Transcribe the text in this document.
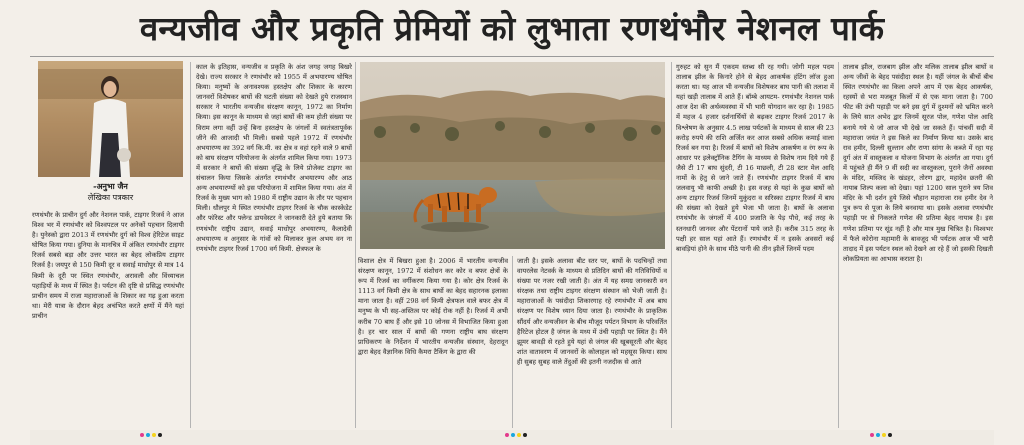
वन्यजीव और प्रकृति प्रेमियों को लुभाता रणथंभौर नेशनल पार्क
-अनुभा जैन
लेखिका पत्रकार

रणथंभौर के प्राचीन दुर्ग और नेशनल पार्क, टाइगर रिजर्व ने आज विश्व भर में रणथंभौर को विश्वपटल पर अनेकों पहचान दिलायी है। युनेस्को द्वारा 2013 में रणथंभौर दुर्ग को विश्व हेरिटेज साइट घोषित किया गया। दुनिया के मानचित्र में अंकित रणथंभौर टाइगर रिजर्व सबसे बड़ा और उत्तर भारत का बेहद लोकप्रिय टाइगर रिजर्व है। जयपुर से 150 किमी दूर व सवाई माधोपुर से मात्र 14 किमी के दूरी पर स्थित रणथंभौर, अरावली और विंध्याचल पहाड़ियों के मध्य में स्थित है। पर्यटन की दृष्टि से प्रसिद्ध रणथंभौर प्राचीन समय में राजा महाराजाओं के शिकार का गढ़ हुआ करता था। मेरी यात्रा के दौरान बेहद अचंभित करते क्षणों में मैंने यहां प्राचीन

काल के इतिहास, वन्यजीव व प्रकृति के अंश जगह जगह बिखरे देखे। राज्य सरकार ने रणथंभौर को 1955 में अभयारण्य घोषित किया। मनुष्यों के अनावश्यक हस्तक्षेप और शिकार के कारण जानवरों विशेषकर बाघों की घटती संख्या को देखते हुये राजस्थान सरकार ने भारतीय वन्यजीव संरक्षण कानून, 1972 का निर्माण किया। इस कानून के माध्यम से जहां बाघों की कम होती संख्या पर विराम लगा वहीं उन्हें बिना हस्तक्षेप के जंगलों में स्वतंत्रतापूर्वक जीने की आजादी भी मिली। सबसे पहले 1972 में रणथंभौर अभयारण्य का 392 वर्ग कि.मी. का क्षेत्र व वहां रहने वाले 9 बाघों को बाघ संरक्षण परियोजना के अंतर्गत शामिल किया गया। 1973 में सरकार ने बाघों की संख्या वृद्धि के लिये प्रोजेक्ट टाइगर का संचालन किया जिसके अंतर्गत रणथंभौर अभयारण्य और आठ अन्य अभयारण्यों को इस परियोजना में शामिल किया गया। अंत में रिजर्व के मुख्य भाग को 1980 में राष्ट्रीय उद्यान के तौर पर पहचान मिली। धौलपुर मे स्थित रणथंभौर टाइगर रिजर्व के चौक कास्केडेट और फॉरेस्ट और फ्लेन्ड डायवेस्टर ने जानकारी देते हुये बताया कि रणथंभौर राष्ट्रीय उद्यान, सवाई माधोपुर अभयारण्य, कैलादेवी अभयारण्य व अनुसार के गांवों को मिलाकर कुल अभय वन ना रणथंभौर टाइगर रिजर्व 1700 वर्ग किमी. क्षेत्रफल के

विशाल क्षेत्र में बिखरा हुआ है। 2006 में भारतीय वन्यजीव संरक्षण कानून, 1972 में संशोधन कर कोर व बफर क्षेत्रों के रूप में रिजर्व का वर्गीकरण किया गया है। कोर क्षेत्र रिजर्व के 1113 वर्ग किमी क्षेत्र के साथ बाघों का बेहद सहारनक इलाका माना जाता है। वहीं 298 वर्ग किमी क्षेत्रफल वाले बफर क्षेत्र में मनुष्य के भी सह-अस्तित्व पर कोई रोक नहीं है। रिजर्व में अभी करीब 70 बाघ हैं और इसे 10 जोनस में विभाजित किया हुआ है। हर चार साल में बाघों की गणना राष्ट्रीय बाघ संरक्षण प्राधिकरण के निर्देशन में भारतीय वन्यजीव संस्थान, देहरादून द्वारा बेहद वैज्ञानिक विधि कैमरा टैकिंग के द्वारा की

जाती है। इसके अलावा बीट स्तर पर, बाघों के पदचिन्हों तथा वायरलेस नेटवर्क के माध्यम से प्रतिदिन बाघों की गतिविधियों व संख्या पर नजर रखी जाती है। अंत में यह समग्र जानकारी वन संरक्षक तथा राष्ट्रीय टाइगर संरक्षण संस्थान को भेजी जाती है। महाराजाओं के पसंदीदा शिकारगाह रहे रणथंभौर में अब बाघ संरक्षण पर विशेष ध्यान दिया जाता है। रणथंभौर के प्राकृतिक सौंदर्य और वन्यजीवन के बीच मौजूद पर्यटन विभाग के परिवर्तित हैरिटेज होटल है जंगल के मध्य में उंची पहाड़ी पर स्थित है। मैंने झूमर बावड़ी से रहते हुये यहां से जंगल की खूबसूरती और बेहद शांत वातावरण में जानवरों के कोलाहल को महसूस किया। साथ ही सुबह सुबह वाले तेंदुओं की इतनी नजदीक से आते

गुरुहट को सुन मैं एकदम स्तब्ध सी रह गयी। जोगी महल पदम तालाब झील के किनारे होने से बेहद आकर्षक हंटिंग लॉज हुआ करता था। यह आज भी वन्यजीव विशेषकर बाघ पानी की तलाश में यहां खड़ी तालाब में आते हैं। बॉम्बे आयटम- रणथंभौर नेशनल पार्क आज देश की अर्थव्यवस्था में भी भारी योगदान कर रहा है। 1985 में महज 4 हजार दर्शनार्थियों से बढ़कर टाइगर रिजर्व 2017 के विश्लेषण के अनुसार 4.5 लाख पर्यटकों के माध्यम से साल की 23 करोड़ रुपये की राशि अर्जित कर आज सबसे अधिक कमाई वाला रिजर्व बन गया है। रिजर्व में बाघों को विशेष आकर्षण व रंग रूप के आधार पर इलेक्ट्रॉनिक टैगिंग के माध्यम से विशेष नाम दिये गये हैं जैसे टी 17 बाघ सुंदरी, टी 16 माछली, टी 28 स्टार मेल आदि नामों के हेतु से जाने जाते हैं। रणथंभौर टाइगर रिजर्व में बाघ जलवायु भी काफी अच्छी है। इस वजह से यहां के कुछ बाघों को अन्य टाइगर रिजर्व जिनमें मुकुंदरा व सरिस्का टाइगर रिजर्व में बाघ की संख्या को देखते हुये भेजा भी जाता है। बाघों के अलावा रणथंभौर के जंगलों में 400 प्रजाति के पेड़ पौधे, कई तरह के स्तनधारी जानवर और पेंटरानों पाये जाते हैं। करीब 315 तरह के पक्षी हर साल यहां आते हैं। रणथंभौर में न इसके अवसरों कई बावड़ियां होने के साथ मीठे पानी की तीन झीलें जिनमें पदम

तालाब झील, राजबाग झील और मलिक तालाब झील बाघों व अन्य जीवों के बेहद पसंदीदा स्थल है। यहीं जंगल के बीचों बीच स्थित रणथंभौर का किला अपने आप में एक बेहद आकर्षक, रहस्यों से भरा मजबूत किलों में से एक माना जाता है। 700 फीट की उंची पहाड़ी पर बने इस दुर्ग में दुश्मनों को भ्रमित करने के लिये सात अभेद द्वार जिनमें सूरज पोल, गणेश पोल आदि बनाये गये थे जो आज भी देखे जा सकते हैं। पांचवीं सदी में महाराजा जयंत ने इस किले का निर्माण किया था। उसके बाद राव हमीर, दिल्ली सुल्तान और राणा सांगा के कब्जे में रहा यह दुर्ग अंत में वास्तुकला व योजना विभाग के अंतर्गत आ गया। दुर्ग में पहुंचते ही मैंने 9 वीं सदी का वास्तुकला, पुराने जैनों अवस्था के मंदिर, मस्जिद के खंडहर, तोरण द्वार, महादेव छतरी की नायाब शिल्प कला को देखा। यहां 1200 साल पुराने त्रय शिव मंदिर के भी दर्शन हुये जिसे चौहान महाराजा राव हमीर देव ने पुत्र रूप से पूजा के लिये बनवाया था। इसके अलावा रणथंभौर पहाड़ी पर से निकलते गणेश की प्रतिमा बेहद नायाब है। इस गणेश प्रतिमा पर सूंड नहीं है और मात्र मुख चित्रित है। विश्वभर में फैले कोरोना महामारी के बावजूद भी पर्यटक आज भी भारी तादाद में इस पर्यटन स्थल को देखने आ रहे हैं जो इसकी दिखती लोकप्रियता का आभास कराता है।
